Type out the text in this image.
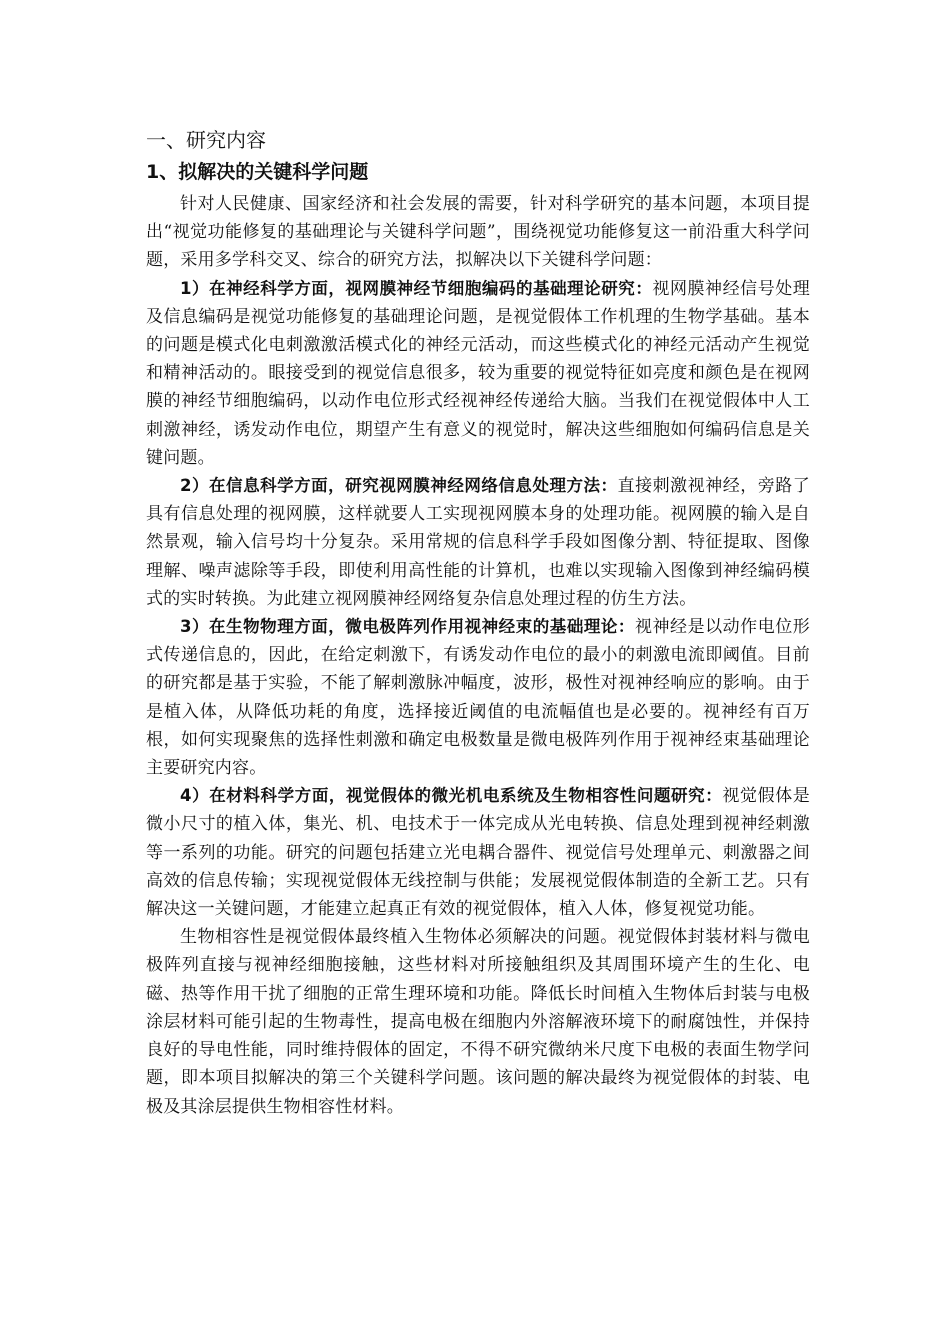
一、研究内容
1、拟解决的关键科学问题

针对人民健康、国家经济和社会发展的需要，针对科学研究的基本问题，本项目提出“视觉功能修复的基础理论与关键科学问题”，围绕视觉功能修复这一前沿重大科学问题，采用多学科交叉、综合的研究方法，拟解决以下关键科学问题：

1）在神经科学方面，视网膜神经节细胞编码的基础理论研究：视网膜神经信号处理及信息编码是视觉功能修复的基础理论问题，是视觉假体工作机理的生物学基础。基本的问题是模式化电刺激激活模式化的神经元活动，而这些模式化的神经元活动产生视觉和精神活动的。眼接受到的视觉信息很多，较为重要的视觉特征如亮度和颜色是在视网膜的神经节细胞编码，以动作电位形式经视神经传递给大脑。当我们在视觉假体中人工刺激神经，诱发动作电位，期望产生有意义的视觉时，解决这些细胞如何编码信息是关键问题。

2）在信息科学方面，研究视网膜神经网络信息处理方法：直接刺激视神经，旁路了具有信息处理的视网膜，这样就要人工实现视网膜本身的处理功能。视网膜的输入是自然景观，输入信号均十分复杂。采用常规的信息科学手段如图像分割、特征提取、图像理解、噪声滤除等手段，即使利用高性能的计算机，也难以实现输入图像到神经编码模式的实时转换。为此建立视网膜神经网络复杂信息处理过程的仿生方法。

3）在生物物理方面，微电极阵列作用视神经束的基础理论：视神经是以动作电位形式传递信息的，因此，在给定刺激下，有诱发动作电位的最小的刺激电流即阈值。目前的研究都是基于实验，不能了解刺激脉冲幅度，波形，极性对视神经响应的影响。由于是植入体，从降低功耗的角度，选择接近阈值的电流幅值也是必要的。视神经有百万根，如何实现聚焦的选择性刺激和确定电极数量是微电极阵列作用于视神经束基础理论主要研究内容。

4）在材料科学方面，视觉假体的微光机电系统及生物相容性问题研究：视觉假体是微小尺寸的植入体，集光、机、电技术于一体完成从光电转换、信息处理到视神经刺激等一系列的功能。研究的问题包括建立光电耦合器件、视觉信号处理单元、刺激器之间高效的信息传输；实现视觉假体无线控制与供能；发展视觉假体制造的全新工艺。只有解决这一关键问题，才能建立起真正有效的视觉假体，植入人体，修复视觉功能。

生物相容性是视觉假体最终植入生物体必须解决的问题。视觉假体封装材料与微电极阵列直接与视神经细胞接触，这些材料对所接触组织及其周围环境产生的生化、电磁、热等作用干扰了细胞的正常生理环境和功能。降低长时间植入生物体后封装与电极涂层材料可能引起的生物毒性，提高电极在细胞内外溶解液环境下的耐腐蚀性，并保持良好的导电性能，同时维持假体的固定，不得不研究微纳米尺度下电极的表面生物学问题，即本项目拟解决的第三个关键科学问题。该问题的解决最终为视觉假体的封装、电极及其涂层提供生物相容性材料。
